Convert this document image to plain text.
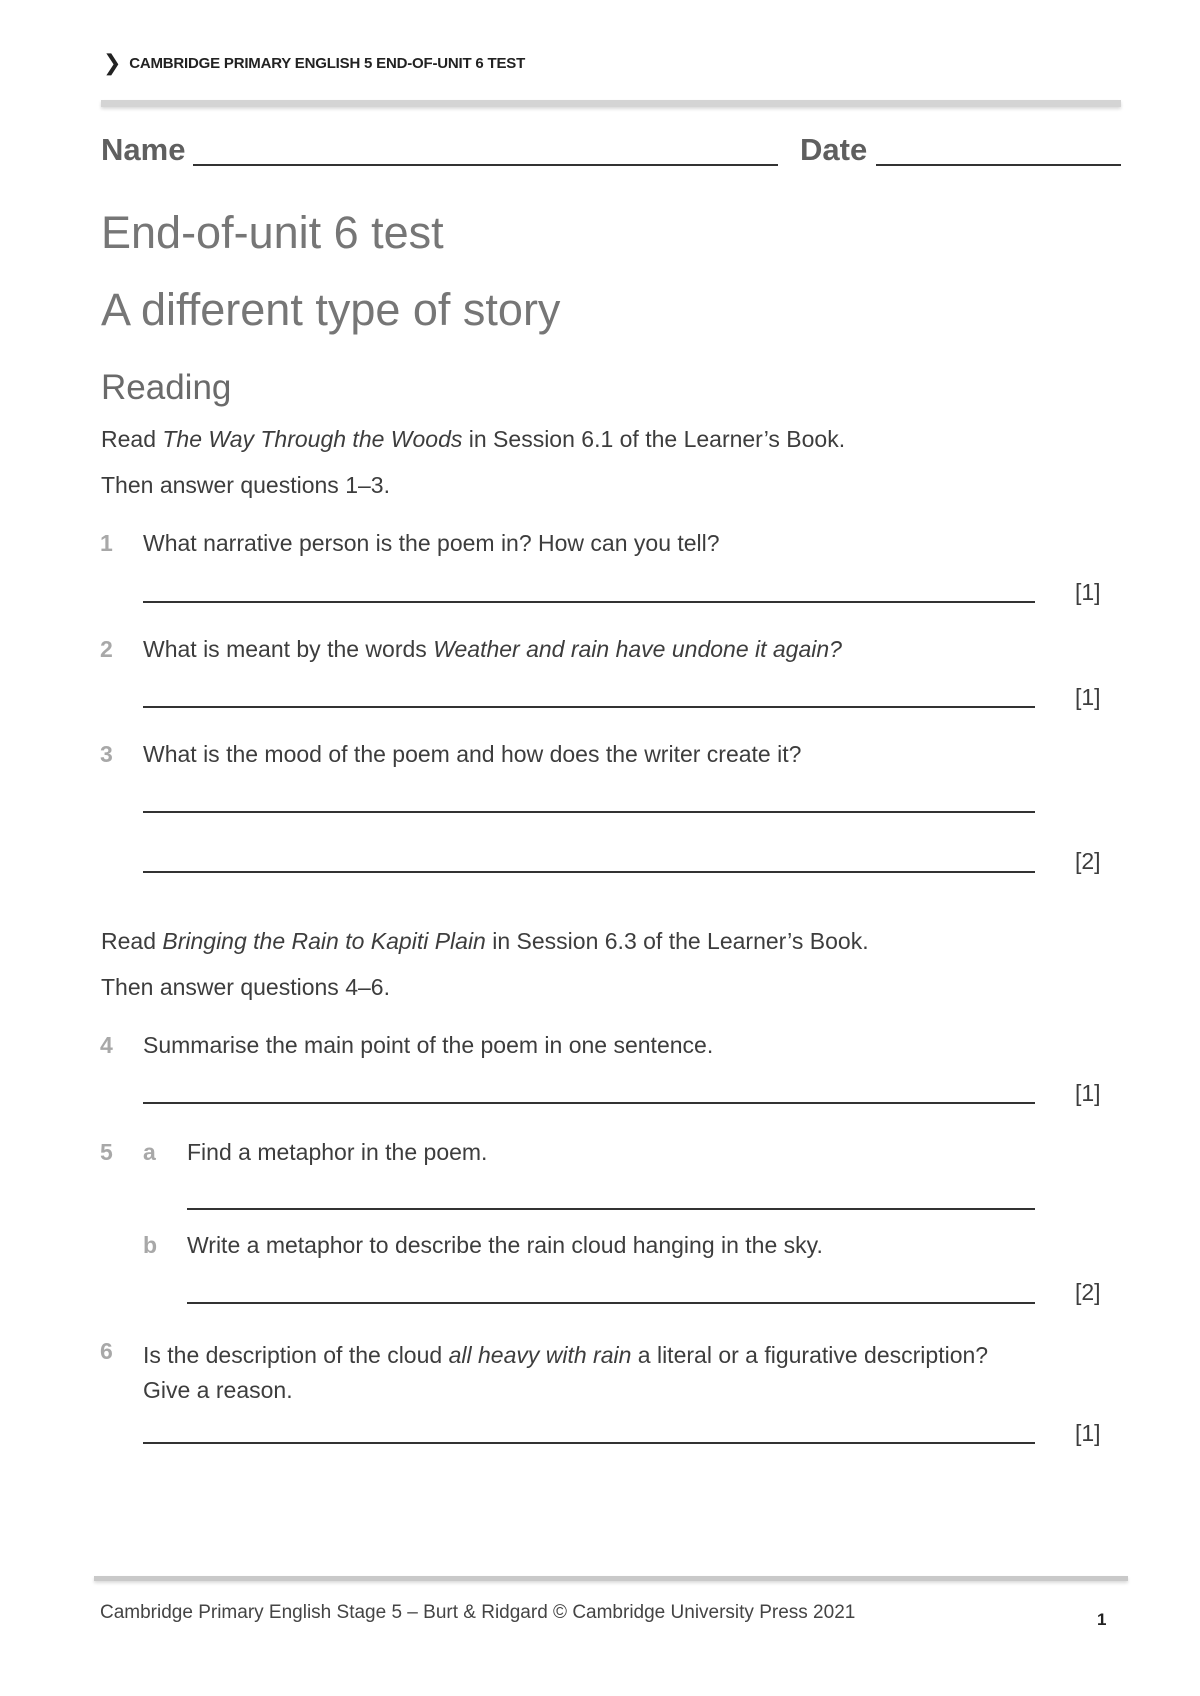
❯ CAMBRIDGE PRIMARY ENGLISH 5 END-OF-UNIT 6 TEST
Name	Date
End-of-unit 6 test
A different type of story
Reading
Read The Way Through the Woods in Session 6.1 of the Learner’s Book.
Then answer questions 1–3.
1 What narrative person is the poem in? How can you tell?
[1]
2 What is meant by the words Weather and rain have undone it again?
[1]
3 What is the mood of the poem and how does the writer create it?
[2]
Read Bringing the Rain to Kapiti Plain in Session 6.3 of the Learner’s Book.
Then answer questions 4–6.
4 Summarise the main point of the poem in one sentence.
[1]
5 a Find a metaphor in the poem.
b Write a metaphor to describe the rain cloud hanging in the sky.
[2]
6 Is the description of the cloud all heavy with rain a literal or a figurative description? Give a reason.
[1]
Cambridge Primary English Stage 5 – Burt & Ridgard © Cambridge University Press 2021	1
